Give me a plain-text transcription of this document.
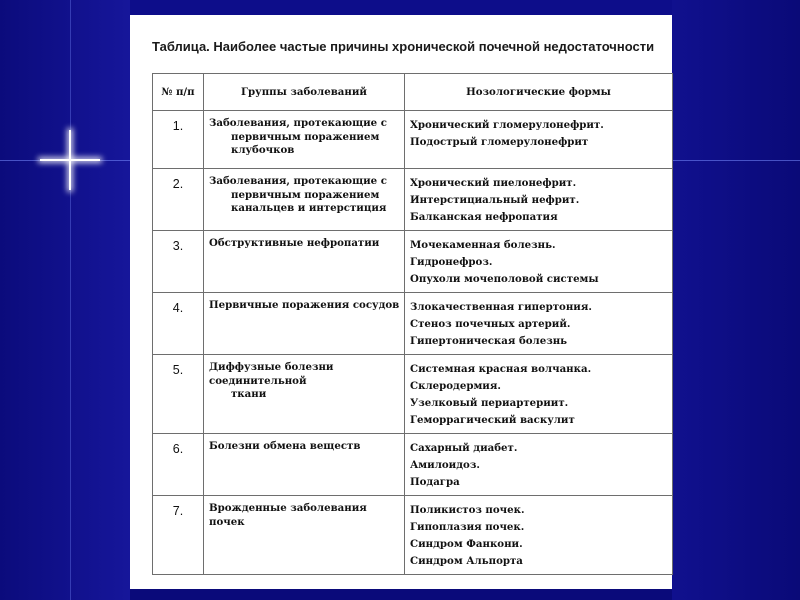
Таблица. Наиболее частые причины хронической почечной недостаточности
№ п/п	Группы заболеваний	Нозологические формы
1.	Заболевания, протекающие с
первичным поражением клубочков	Хронический гломерулонефрит.
Подострый гломерулонефрит

2.	Заболевания, протекающие с
первичным поражением канальцев и интерстиция	Хронический пиелонефрит.
Интерстициальный нефрит.
Балканская нефропатия

3.	Обструктивные нефропатии	Мочекаменная болезнь.
Гидронефроз.
Опухоли мочеполовой системы

4.	Первичные поражения сосудов	Злокачественная гипертония.
Стеноз почечных артерий.
Гипертоническая болезнь

5.	Диффузные болезни соединительной
ткани	Системная красная волчанка.
Склеродермия.
Узелковый периартериит.
Геморрагический васкулит

6.	Болезни обмена веществ	Сахарный диабет.
Амилоидоз.
Подагра

7.	Врожденные заболевания почек	Поликистоз почек.
Гипоплазия почек.
Синдром Фанкони.
Синдром Альпорта
